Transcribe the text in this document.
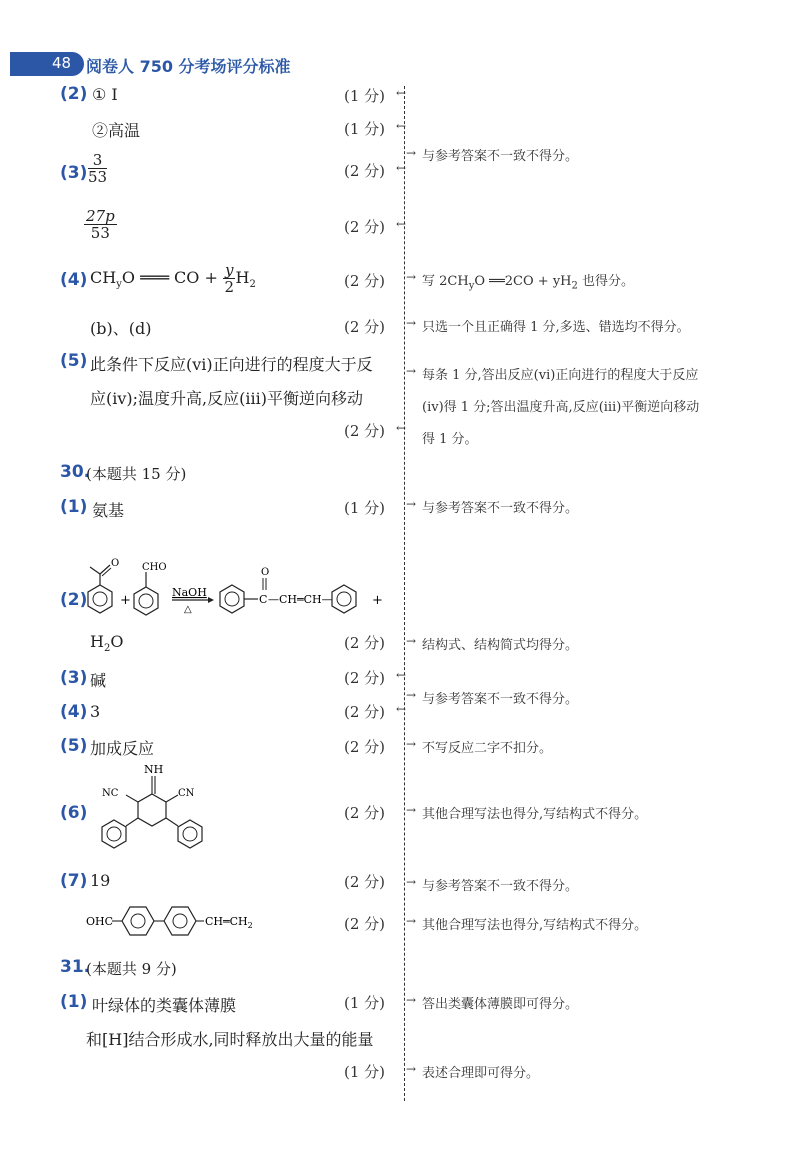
48 阅卷人 750 分考场评分标准
(2) ① I	(1 分)
②高温	(1 分)
$(3) \frac{3}{53}$	(2 分)
$\frac{27p}{53}$	(2 分)
(4) $CH_yO$ ═══ CO + $\frac{y}{2} H_2$	(2 分)
(b)、(d)	(2 分)
(5) 此条件下反应(ⅵ)正向进行的程度大于反
应(ⅳ);温度升高,反应(ⅲ)平衡逆向移动
(2 分)
30.
(本题共 15 分)
(1) 氨基	(1 分)
(2)
O
+
CHO
NaOH
△
C
O
—CH═CH—	+
$H_2O$	(2 分)
(3) 碱	(2 分)
(4) 3	(2 分)
(5) 加成反应	(2 分)
(6)
NH
CN
NC
(2 分)
(7) 19	(2 分)
OHC	$CH═CH_2$	(2 分)
31.
(本题共 9 分)
(1) 叶绿体的类囊体薄膜	(1 分)
和[H]结合形成水,同时释放出大量的能量
(1 分)
←
←
←
→ 与参考答案不一致不得分。
←
→ 写 $2CH_yO$ ══2CO + $yH_2$ 也得分。
→ 只选一个且正确得 1 分,多选、错选均不得分。
→ 每条 1 分,答出反应(ⅵ)正向进行的程度大于反应
(ⅳ)得 1 分;答出温度升高,反应(ⅲ)平衡逆向移动
得 1 分。
←
→ 与参考答案不一致不得分。
→ 结构式、结构简式均得分。
←
←
→ 与参考答案不一致不得分。
→ 不写反应二字不扣分。
→ 其他合理写法也得分,写结构式不得分。
→ 与参考答案不一致不得分。
→ 其他合理写法也得分,写结构式不得分。
→ 答出类囊体薄膜即可得分。
→ 表述合理即可得分。
